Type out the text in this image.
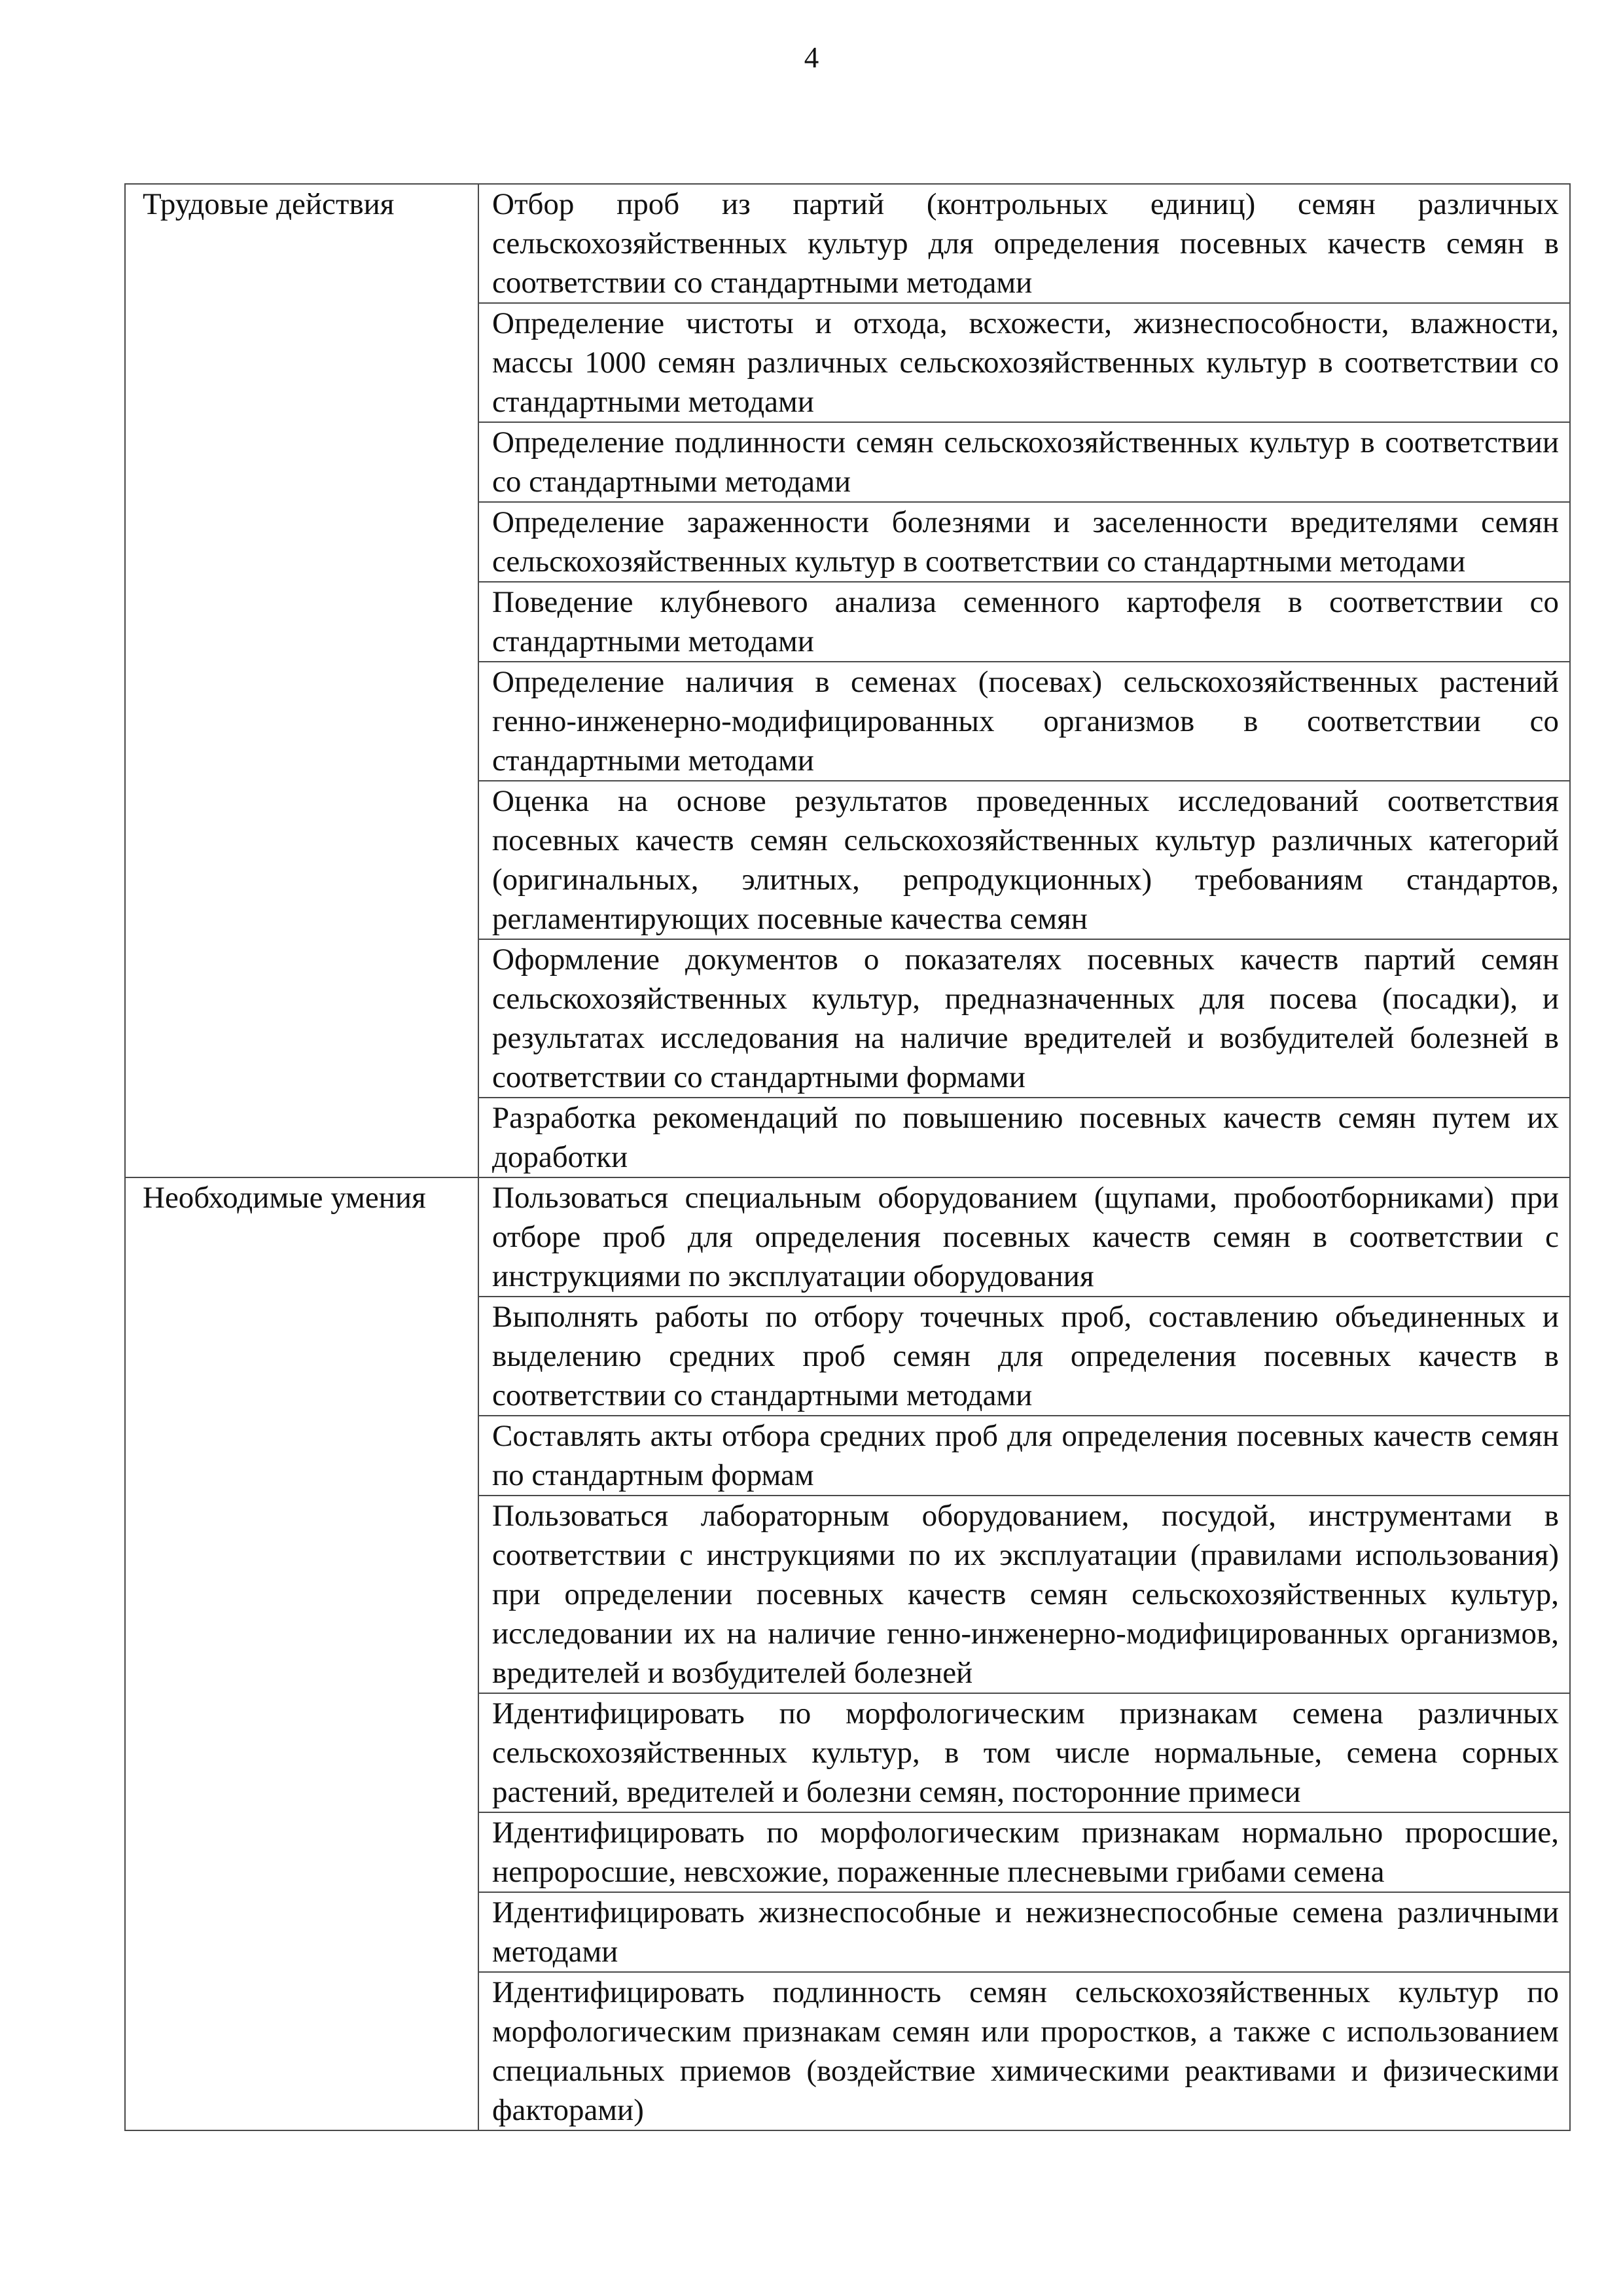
4
Трудовые действия	Отбор проб из партий (контрольных единиц) семян различных сельскохозяйственных культур для определения посевных качеств семян в соответствии со стандартными методами
	Определение чистоты и отхода, всхожести, жизнеспособности, влажности, массы 1000 семян различных сельскохозяйственных культур в соответствии со стандартными методами
	Определение подлинности семян сельскохозяйственных культур в соответствии со стандартными методами
	Определение зараженности болезнями и заселенности вредителями семян сельскохозяйственных культур в соответствии со стандартными методами
	Поведение клубневого анализа семенного картофеля в соответствии со стандартными методами
	Определение наличия в семенах (посевах) сельскохозяйственных растений генно-инженерно-модифицированных организмов в соответствии со стандартными методами
	Оценка на основе результатов проведенных исследований соответствия посевных качеств семян сельскохозяйственных культур различных категорий (оригинальных, элитных, репродукционных) требованиям стандартов, регламентирующих посевные качества семян
	Оформление документов о показателях посевных качеств партий семян сельскохозяйственных культур, предназначенных для посева (посадки), и результатах исследования на наличие вредителей и возбудителей болезней в соответствии со стандартными формами
	Разработка рекомендаций по повышению посевных качеств семян путем их доработки
Необходимые умения	Пользоваться специальным оборудованием (щупами, пробоотборниками) при отборе проб для определения посевных качеств семян в соответствии с инструкциями по эксплуатации оборудования
	Выполнять работы по отбору точечных проб, составлению объединенных и выделению средних проб семян для определения посевных качеств в соответствии со стандартными методами
	Составлять акты отбора средних проб для определения посевных качеств семян по стандартным формам
	Пользоваться лабораторным оборудованием, посудой, инструментами в соответствии с инструкциями по их эксплуатации (правилами использования) при определении посевных качеств семян сельскохозяйственных культур, исследовании их на наличие генно-инженерно-модифицированных организмов, вредителей и возбудителей болезней
	Идентифицировать по морфологическим признакам семена различных сельскохозяйственных культур, в том числе нормальные, семена сорных растений, вредителей и болезни семян, посторонние примеси
	Идентифицировать по морфологическим признакам нормально проросшие, непроросшие, невсхожие, пораженные плесневыми грибами семена
	Идентифицировать жизнеспособные и нежизнеспособные семена различными методами
	Идентифицировать подлинность семян сельскохозяйственных культур по морфологическим признакам семян или проростков, а также с использованием специальных приемов (воздействие химическими реактивами и физическими факторами)
